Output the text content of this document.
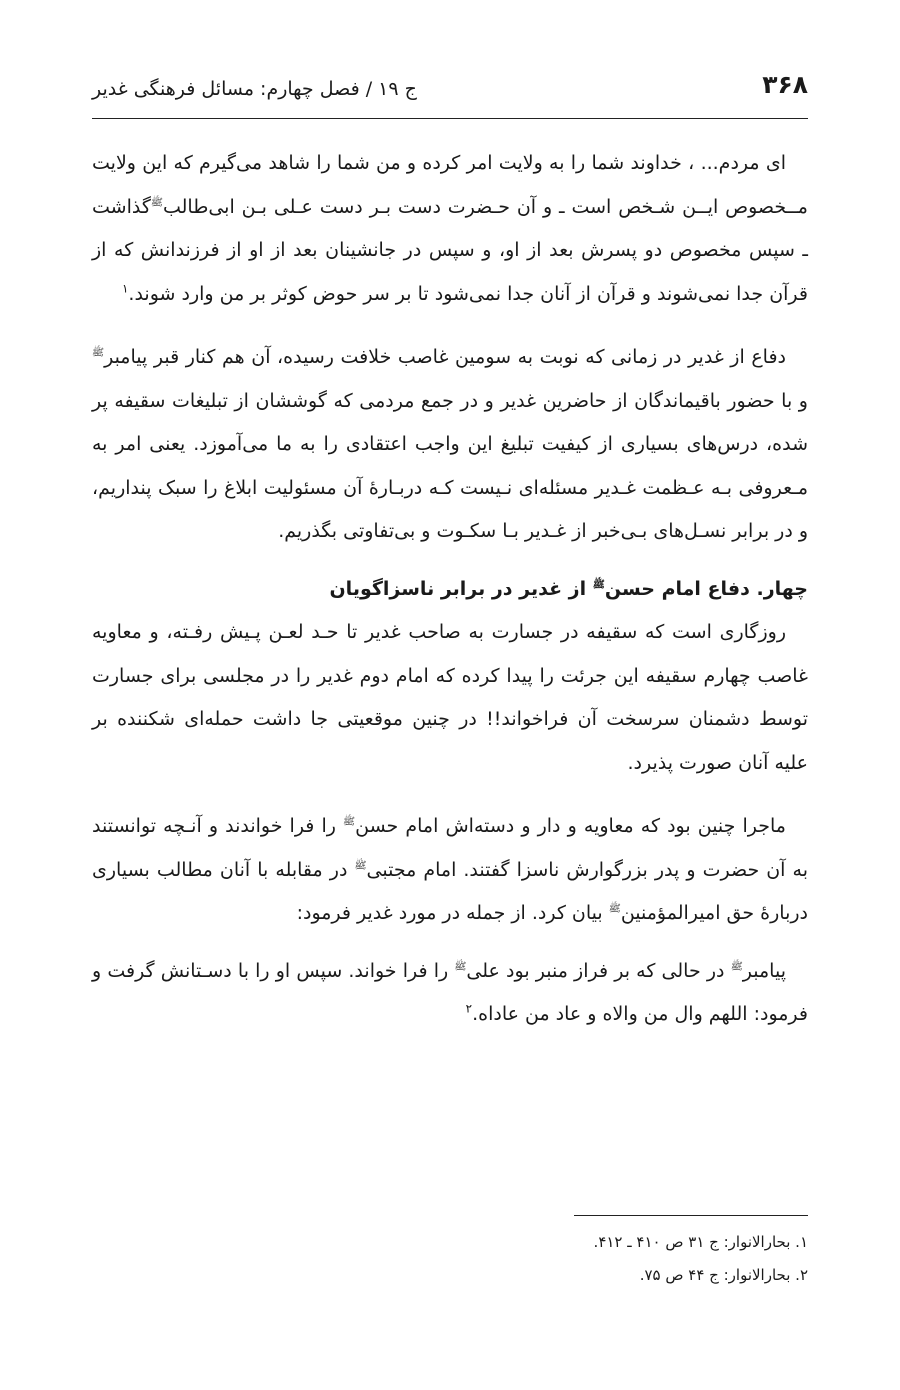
۳۶۸
ج ۱۹ / فصل چهارم: مسائل فرهنگی غدیر

ای مردم... ، خداوند شما را به ولایت امر کرده و من شما را شاهد می‌گیرم که این ولایت مــخصوص ایــن شـخص است ـ و آن حـضرت دست بـر دست عـلی بـن ابی‌طالب$^ﷺ$گذاشت ـ سپس مخصوص دو پسرش بعد از او، و سپس در جانشینان بعد از او از فرزندانش که از قرآن جدا نمی‌شوند و قرآن از آنان جدا نمی‌شود تا بر سر حوض کوثر بر من وارد شوند.$^۱$

دفاع از غدیر در زمانی که نوبت به سومین غاصب خلافت رسیده، آن هم کنار قبر پیامبر$^ﷺ$ و با حضور باقیماندگان از حاضرین غدیر و در جمع مردمی که گوششان از تبلیغات سقیفه پر شده، درس‌های بسیاری از کیفیت تبلیغ این واجب اعتقادی را به ما می‌آموزد. یعنی امر به مـعروفی بـه عـظمت غـدیر مسئله‌ای نـیست کـه دربـارهٔ آن مسئولیت ابلاغ را سبک پنداریم، و در برابر نسـل‌های بـی‌خبر از غـدیر بـا سکـوت و بی‌تفاوتی بگذریم.

چهار. دفاع امام حسن$^ﷺ$ از غدیر در برابر ناسزاگویان

روزگاری است که سقیفه در جسارت به صاحب غدیر تا حـد لعـن پـیش رفـته، و معاویه غاصب چهارم سقیفه این جرئت را پیدا کرده که امام دوم غدیر را در مجلسی برای جسارت توسط دشمنان سرسخت آن فراخواند!! در چنین موقعیتی جا داشت حمله‌ای شکننده بر علیه آنان صورت پذیرد.

ماجرا چنین بود که معاویه و دار و دسته‌اش امام حسن$^ﷺ$ را فرا خواندند و آنـچه توانستند به آن حضرت و پدر بزرگوارش ناسزا گفتند. امام مجتبی$^ﷺ$ در مقابله با آنان مطالب بسیاری دربارهٔ حق امیرالمؤمنین$^ﷺ$ بیان کرد. از جمله در مورد غدیر فرمود:

پیامبر$^ﷺ$ در حالی که بر فراز منبر بود علی$^ﷺ$ را فرا خواند. سپس او را با دسـتانش گرفت و فرمود: اللهم وال من والاه و عاد من عاداه.$^۲$

۱. بحارالانوار: ج ۳۱ ص ۴۱۰ ـ ۴۱۲.

۲. بحارالانوار: ج ۴۴ ص ۷۵.
